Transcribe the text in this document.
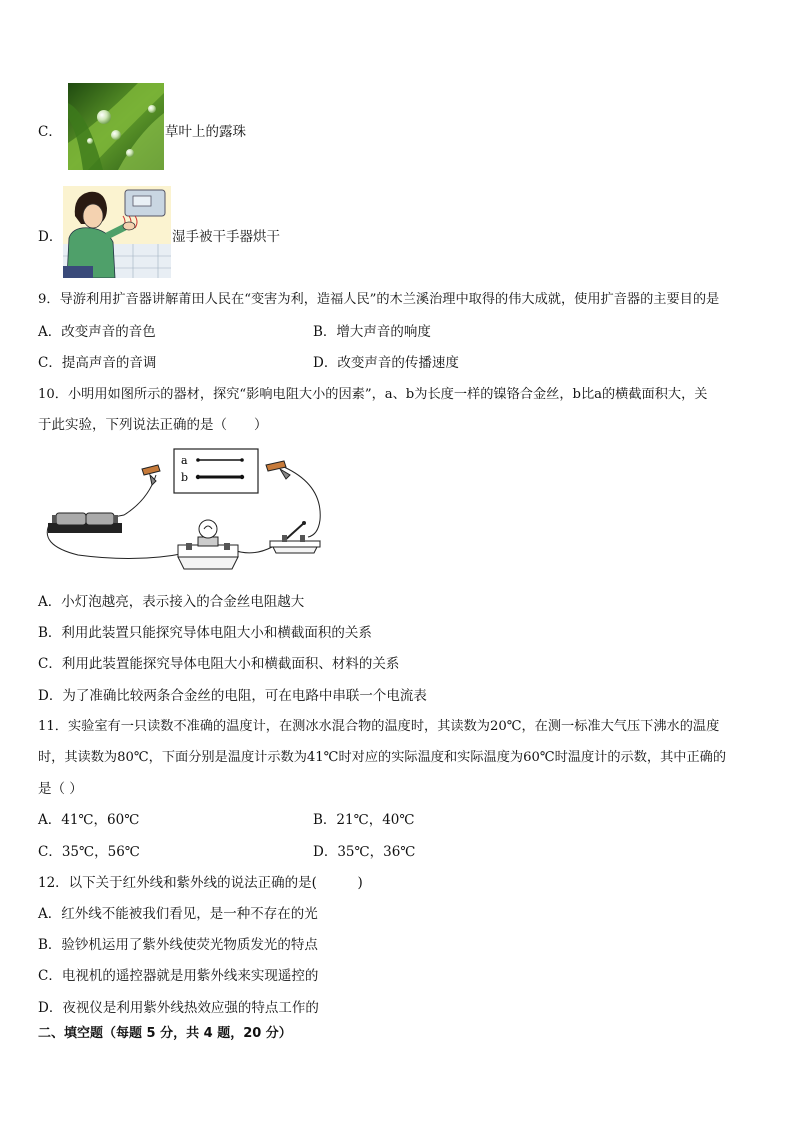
C．	草叶上的露珠
D．	湿手被干手器烘干
9．导游利用扩音器讲解莆田人民在“变害为利，造福人民”的木兰溪治理中取得的伟大成就，使用扩音器的主要目的是
A．改变声音的音色	B．增大声音的响度
C．提高声音的音调	D．改变声音的传播速度
10．小明用如图所示的器材，探究“影响电阻大小的因素”，a、b为长度一样的镍铬合金丝，b比a的横截面积大，关
于此实验，下列说法正确的是（　　）
a
b
A．小灯泡越亮，表示接入的合金丝电阻越大
B．利用此装置只能探究导体电阻大小和横截面积的关系
C．利用此装置能探究导体电阻大小和横截面积、材料的关系
D．为了准确比较两条合金丝的电阻，可在电路中串联一个电流表
11．实验室有一只读数不准确的温度计，在测冰水混合物的温度时，其读数为20℃，在测一标准大气压下沸水的温度
时，其读数为80℃，下面分别是温度计示数为41℃时对应的实际温度和实际温度为60℃时温度计的示数，其中正确的
是（ ）
A．41℃，60℃	B．21℃，40℃
C．35℃，56℃	D．35℃，36℃
12．以下关于红外线和紫外线的说法正确的是(　　　)
A．红外线不能被我们看见，是一种不存在的光
B．验钞机运用了紫外线使荧光物质发光的特点
C．电视机的遥控器就是用紫外线来实现遥控的
D．夜视仪是利用紫外线热效应强的特点工作的
二、填空题（每题 5 分，共 4 题，20 分）
